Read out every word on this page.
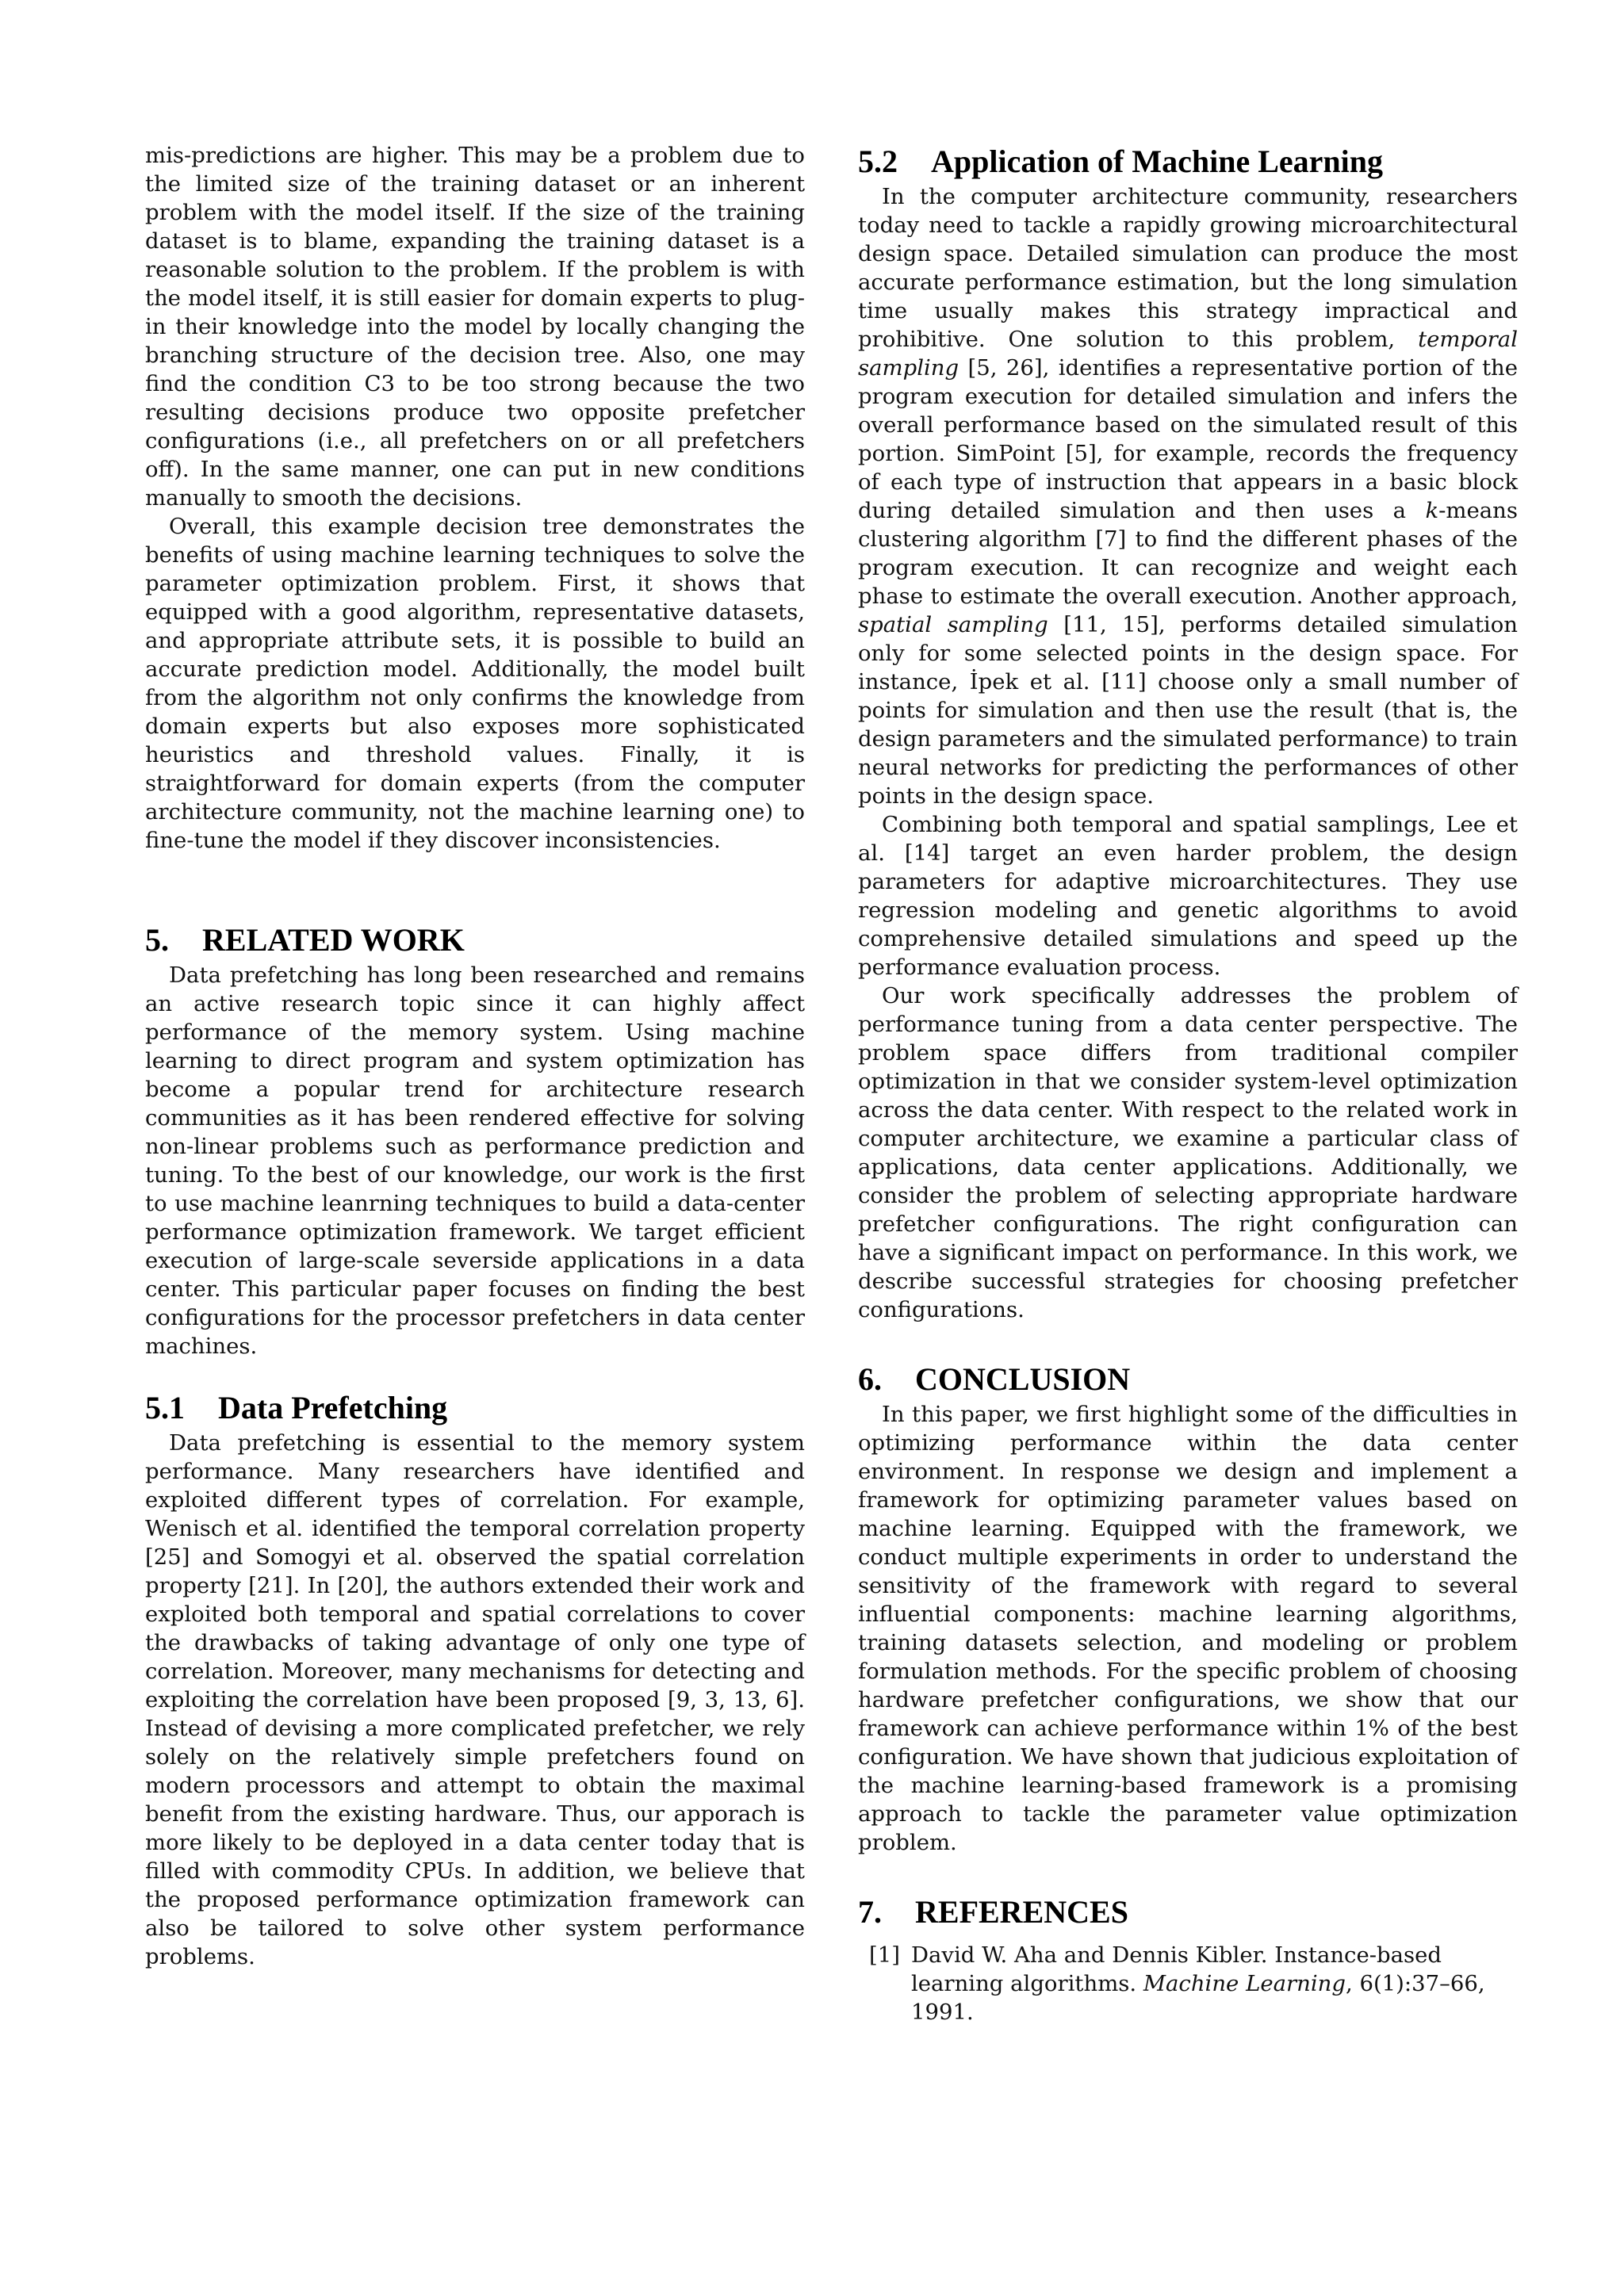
mis-predictions are higher. This may be a problem due to the limited size of the training dataset or an inherent problem with the model itself. If the size of the training dataset is to blame, expanding the training dataset is a reasonable solution to the problem. If the problem is with the model itself, it is still easier for domain experts to plug-in their knowledge into the model by locally changing the branching structure of the decision tree. Also, one may find the condition C3 to be too strong because the two resulting decisions produce two opposite prefetcher configurations (i.e., all prefetchers on or all prefetchers off). In the same manner, one can put in new conditions manually to smooth the decisions.

Overall, this example decision tree demonstrates the benefits of using machine learning techniques to solve the parameter optimization problem. First, it shows that equipped with a good algorithm, representative datasets, and appropriate attribute sets, it is possible to build an accurate prediction model. Additionally, the model built from the algorithm not only confirms the knowledge from domain experts but also exposes more sophisticated heuristics and threshold values. Finally, it is straightforward for domain experts (from the computer architecture community, not the machine learning one) to fine-tune the model if they discover inconsistencies.

5. RELATED WORK

Data prefetching has long been researched and remains an active research topic since it can highly affect performance of the memory system. Using machine learning to direct program and system optimization has become a popular trend for architecture research communities as it has been rendered effective for solving non-linear problems such as performance prediction and tuning. To the best of our knowledge, our work is the first to use machine leanrning techniques to build a data-center performance optimization framework. We target efficient execution of large-scale severside applications in a data center. This particular paper focuses on finding the best configurations for the processor prefetchers in data center machines.

5.1 Data Prefetching

Data prefetching is essential to the memory system performance. Many researchers have identified and exploited different types of correlation. For example, Wenisch et al. identified the temporal correlation property [25] and Somogyi et al. observed the spatial correlation property [21]. In [20], the authors extended their work and exploited both temporal and spatial correlations to cover the drawbacks of taking advantage of only one type of correlation. Moreover, many mechanisms for detecting and exploiting the correlation have been proposed [9, 3, 13, 6]. Instead of devising a more complicated prefetcher, we rely solely on the relatively simple prefetchers found on modern processors and attempt to obtain the maximal benefit from the existing hardware. Thus, our apporach is more likely to be deployed in a data center today that is filled with commodity CPUs. In addition, we believe that the proposed performance optimization framework can also be tailored to solve other system performance problems.

5.2 Application of Machine Learning

In the computer architecture community, researchers today need to tackle a rapidly growing microarchitectural design space. Detailed simulation can produce the most accurate performance estimation, but the long simulation time usually makes this strategy impractical and prohibitive. One solution to this problem, temporal sampling [5, 26], identifies a representative portion of the program execution for detailed simulation and infers the overall performance based on the simulated result of this portion. SimPoint [5], for example, records the frequency of each type of instruction that appears in a basic block during detailed simulation and then uses a k-means clustering algorithm [7] to find the different phases of the program execution. It can recognize and weight each phase to estimate the overall execution. Another approach, spatial sampling [11, 15], performs detailed simulation only for some selected points in the design space. For instance, İpek et al. [11] choose only a small number of points for simulation and then use the result (that is, the design parameters and the simulated performance) to train neural networks for predicting the performances of other points in the design space.

Combining both temporal and spatial samplings, Lee et al. [14] target an even harder problem, the design parameters for adaptive microarchitectures. They use regression modeling and genetic algorithms to avoid comprehensive detailed simulations and speed up the performance evaluation process.

Our work specifically addresses the problem of performance tuning from a data center perspective. The problem space differs from traditional compiler optimization in that we consider system-level optimization across the data center. With respect to the related work in computer architecture, we examine a particular class of applications, data center applications. Additionally, we consider the problem of selecting appropriate hardware prefetcher configurations. The right configuration can have a significant impact on performance. In this work, we describe successful strategies for choosing prefetcher configurations.

6. CONCLUSION

In this paper, we first highlight some of the difficulties in optimizing performance within the data center environment. In response we design and implement a framework for optimizing parameter values based on machine learning. Equipped with the framework, we conduct multiple experiments in order to understand the sensitivity of the framework with regard to several influential components: machine learning algorithms, training datasets selection, and modeling or problem formulation methods. For the specific problem of choosing hardware prefetcher configurations, we show that our framework can achieve performance within 1% of the best configuration. We have shown that judicious exploitation of the machine learning-based framework is a promising approach to tackle the parameter value optimization problem.

7. REFERENCES
[1] David W. Aha and Dennis Kibler. Instance-based learning algorithms. Machine Learning, 6(1):37–66, 1991.
